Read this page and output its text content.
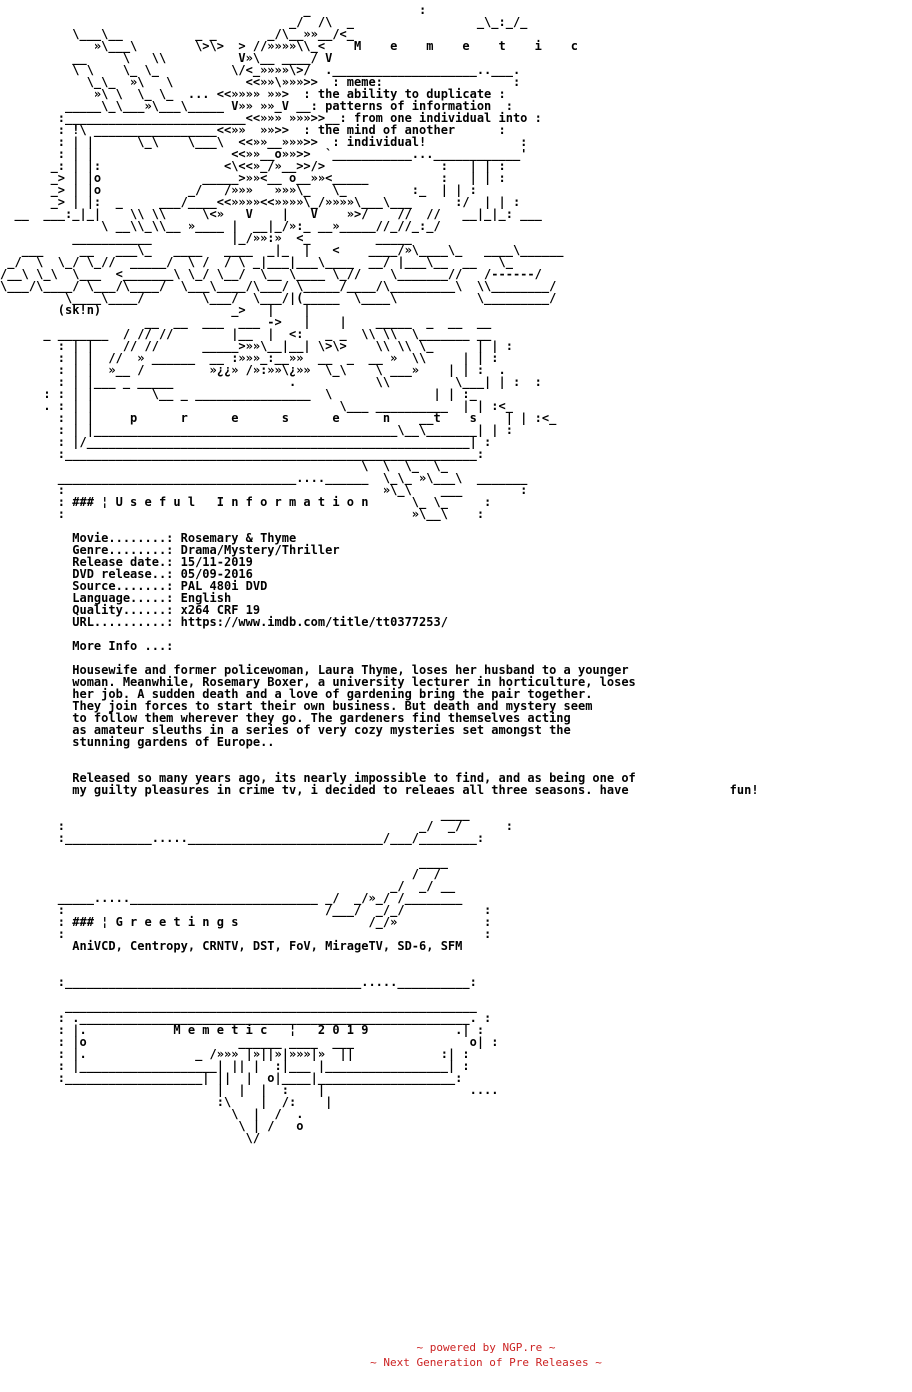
_               :
_/  /\  _                 _\_:_/_
\___\__          _ _       _/\__»»__/<_
»\___\        \>\>  > //»»»»\\_<    M    e    m    e    t    i    c
__     \   \\          V»\__ ____/ V
\ \    \_ \_          \/<_»»»»\>/  .____________________..___.
\_\_  »\   \          <<»»\»»»>>  : meme:                  :
»\ \  \_ \_  ... <<»»»» »»>  : the ability to duplicate :
_____\_\___»\___\_____ V»» »»_V __: patterns of information  :
:_________________________<<»»» »»»>>__: from one individual into :
: !\ _________________<<»»  »»>>  : the mind of another      :
: | |      \_\    \___\  <<»»__»»»>>  : individual!             :
: | |                   <<»»__o»»>>  `___________...____________'
_: | |:                 <\<<»_/»__>>/>                :   | | :
_> | |o              _____>»»<__ o__»»<_____          :   | | :
_> | |o            _/   /»»»   »»»\_   \_         :_  | | :
_> | |:  _     ___/____<<»»»»<<»»»»\_/»»»»\___\___      :/  | | :
__  ___:_|_|    \\ \\     \<»   V    |   V    »>/    //  //   __|_|_: ___
\ __\\_\\__ »____ |  __|_/»:_ __»_____//_//_:_/
___________           |_/»»:»  <_         _____
___     __   ___\_   ____   ____  _|_  |   <    ____/»\____\_   ____\______
_/  \  \_/ \_//  _____/  \ /  / \ _|___|___\____  __/ |___\__  __   \_
/__\ \_\  \___  <_______\ \_/ \__/  \__ \____ \_//    \_______//   /------/
\___/\____/ \___/\____/  \___\____/\___/ \_____/____/\_________\  \\________/
\____\____/        \___/  \___/|(_____  \____\           \_________/
(sk!n)                  _>   |    |
__  __  ___  ___ ->   |    |    _____  _  __  __
_ _______  / // //        |__  |  <:   _ _  \\ \\  \_______ __
: | |    // //      _____>»»\__|__| \>\>    \\ \\ \_      | | :
: | |  //  » ______  __ :»»»_:__»»  __  _  __ »  \\     | | :
: | |  »__ /         »¿¿» /»:»»\¿»»  \_\    \ ___»    | | :  .
: | |___ _ _____                .           \\         \___| | :  :
: : | |        \__ _ ________________  \              | | :_
. : | |                                  \___ __________  | | :<_
: | |     p      r      e      s      e      n    __t    s    | | :<_
: | |__________________________________________\__\_______| | :
: |/_____________________________________________________| :
:_________________________________________________________:
\  \  \_  \_
_________________________________....______  \_\_ »\___\  _______
:                                            »\_\    ___        :
: ### ¦ U s e f u l   I n f o r m a t i o n      \_ \_     :
:                                                »\__\    :

Movie........: Rosemary & Thyme
Genre........: Drama/Mystery/Thriller
Release date.: 15/11-2019
DVD release..: 05/09-2016
Source.......: PAL 480i DVD
Language.....: English
Quality......: x264 CRF 19
URL..........: https://www.imdb.com/title/tt0377253/

More Info ...:

Housewife and former policewoman, Laura Thyme, loses her husband to a younger
woman. Meanwhile, Rosemary Boxer, a university lecturer in horticulture, loses
her job. A sudden death and a love of gardening bring the pair together.
They join forces to start their own business. But death and mystery seem
to follow them wherever they go. The gardeners find themselves acting
as amateur sleuths in a series of very cozy mysteries set amongst the
stunning gardens of Europe..

Released so many years ago, its nearly impossible to find, and as being one of
my guilty pleasures in crime tv, i decided to releaes all three seasons. have              fun!

____
:                                                 _/  _/      :
:____________.....___________________________/___/________:

____
/  /
_/  _/ __
_____.....__________________________ _/  _/»_/ /________
:                                    /___/  _/_/           :
: ### ¦ G r e e t i n g s                  /_/»            :
:                                                          :
AniVCD, Centropy, CRNTV, DST, FoV, MirageTV, SD-6, SFM

:_________________________________________.....__________:

_________________________________________________________
: .______________________________________________________. :
: |.            M e m e t i c   ¦   2 0 1 9            .| :
: |o                     ______ ____  ___                o| :
: |.               _ /»»» |»||»|»»»|»  ||            :| :
: |___________________| || |  :|___ |_________________| :
:___________________| ||  |  o|____|___________________:
|  |  |  :    |                    ....
:\    |  /:    |
\  |  /  .
\ | /   o
\/

~ powered by NGP.re ~
~ Next Generation of Pre Releases ~
